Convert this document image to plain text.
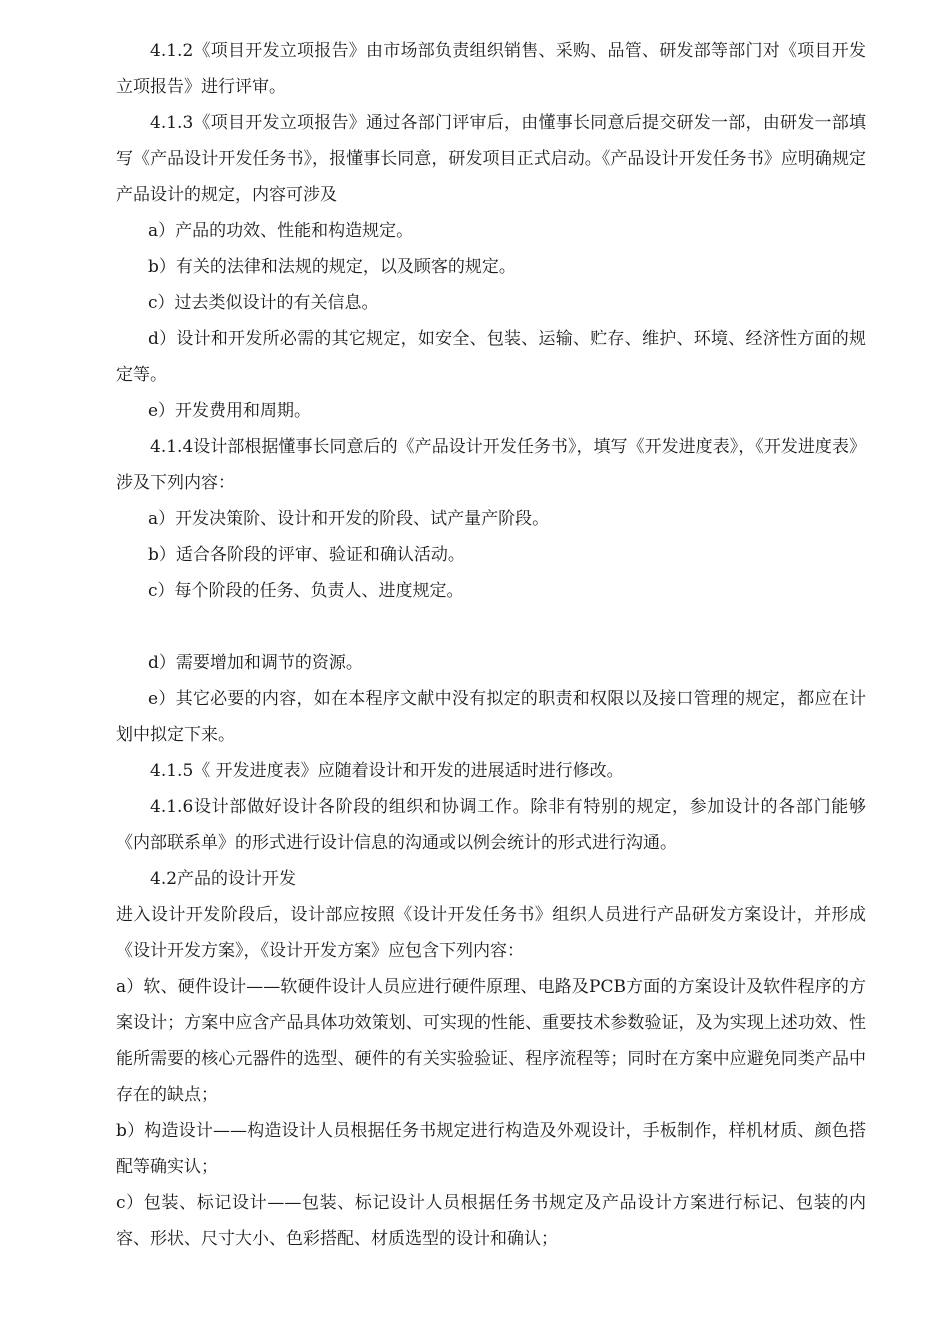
4.1.2《项目开发立项报告》由市场部负责组织销售、采购、品管、研发部等部门对《项目开发立项报告》进行评审。

4.1.3《项目开发立项报告》通过各部门评审后，由懂事长同意后提交研发一部，由研发一部填写《产品设计开发任务书》，报懂事长同意，研发项目正式启动。《产品设计开发任务书》应明确规定产品设计的规定，内容可涉及

a）产品的功效、性能和构造规定。

b）有关的法律和法规的规定，以及顾客的规定。

c）过去类似设计的有关信息。

d）设计和开发所必需的其它规定，如安全、包装、运输、贮存、维护、环境、经济性方面的规定等。

e）开发费用和周期。

4.1.4设计部根据懂事长同意后的《产品设计开发任务书》，填写《开发进度表》，《开发进度表》涉及下列内容：

a）开发决策阶、设计和开发的阶段、试产量产阶段。

b）适合各阶段的评审、验证和确认活动。

c）每个阶段的任务、负责人、进度规定。

d）需要增加和调节的资源。

e）其它必要的内容，如在本程序文献中没有拟定的职责和权限以及接口管理的规定，都应在计划中拟定下来。

4.1.5《 开发进度表》应随着设计和开发的进展适时进行修改。

4.1.6设计部做好设计各阶段的组织和协调工作。除非有特别的规定，参加设计的各部门能够《内部联系单》的形式进行设计信息的沟通或以例会统计的形式进行沟通。

4.2产品的设计开发

进入设计开发阶段后，设计部应按照《设计开发任务书》组织人员进行产品研发方案设计，并形成《设计开发方案》，《设计开发方案》应包含下列内容：

a）软、硬件设计——软硬件设计人员应进行硬件原理、电路及PCB方面的方案设计及软件程序的方案设计；方案中应含产品具体功效策划、可实现的性能、重要技术参数验证，及为实现上述功效、性能所需要的核心元器件的选型、硬件的有关实验验证、程序流程等；同时在方案中应避免同类产品中存在的缺点；

b）构造设计——构造设计人员根据任务书规定进行构造及外观设计，手板制作，样机材质、颜色搭配等确实认；

c）包装、标记设计——包装、标记设计人员根据任务书规定及产品设计方案进行标记、包装的内容、形状、尺寸大小、色彩搭配、材质选型的设计和确认；
